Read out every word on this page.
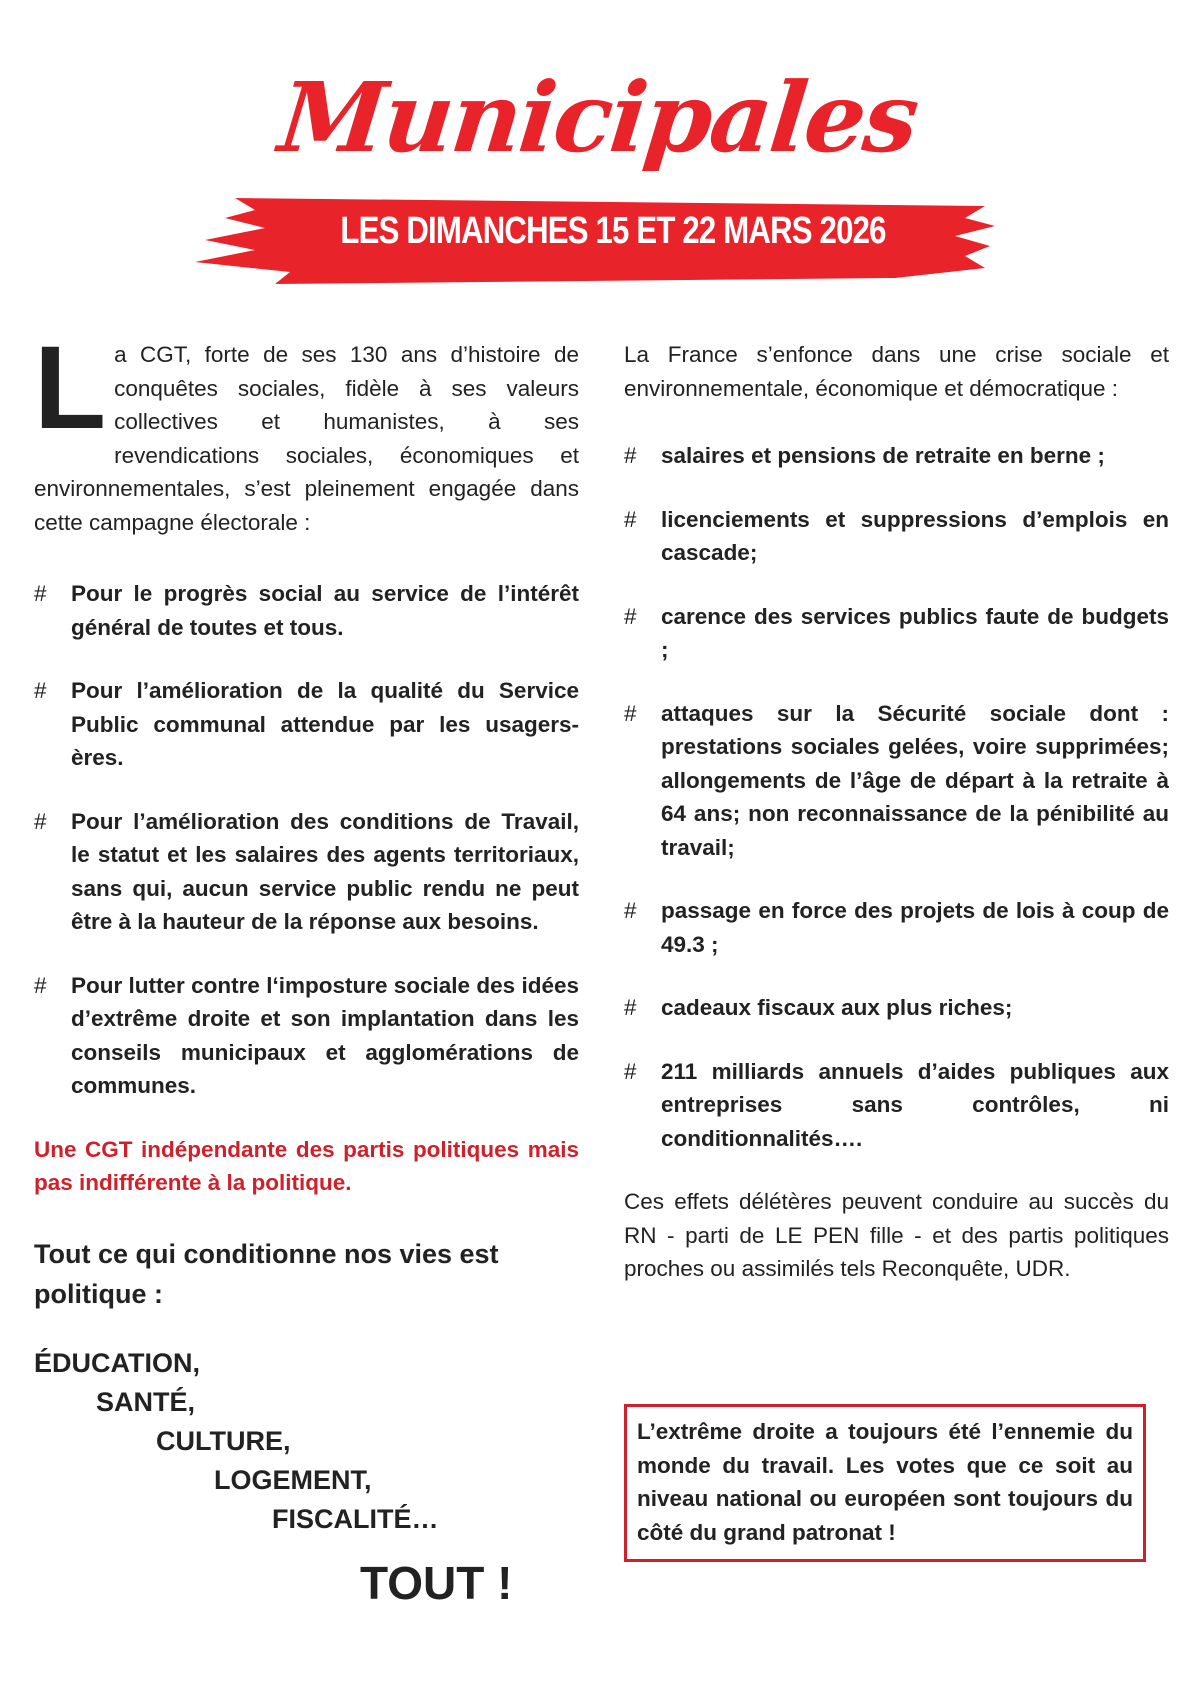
Municipales
LES DIMANCHES 15 ET 22 MARS 2026

La CGT, forte de ses 130 ans d’histoire de conquêtes sociales, fidèle à ses valeurs collectives et humanistes, à ses revendications sociales, économiques et environnementales, s’est pleinement engagée dans cette campagne électorale :

#	Pour le progrès social au service de l’intérêt général de toutes et tous.
#	Pour l’amélioration de la qualité du Service Public communal attendue par les usagers-ères.
#	Pour l’amélioration des conditions de Travail, le statut et les salaires des agents territoriaux, sans qui, aucun service public rendu ne peut être à la hauteur de la réponse aux besoins.
#	Pour lutter contre l‘imposture sociale des idées d’extrême droite et son implantation dans les conseils municipaux et agglomérations de communes.

Une CGT indépendante des partis politiques mais pas indifférente à la politique.

Tout ce qui conditionne nos vies est politique :
ÉDUCATION,
SANTÉ,
CULTURE,
LOGEMENT,
FISCALITÉ…
TOUT !

La France s’enfonce dans une crise sociale et environnementale, économique et démocratique :

#	salaires et pensions de retraite en berne ;
#	licenciements et suppressions d’emplois en cascade;
#	carence des services publics faute de budgets ;
#	attaques sur la Sécurité sociale dont : prestations sociales gelées, voire supprimées; allongements de l’âge de départ à la retraite à 64 ans; non reconnaissance de la pénibilité au travail;
#	passage en force des projets de lois à coup de 49.3 ;
#	cadeaux fiscaux aux plus riches;
#	211 milliards annuels d’aides publiques aux entreprises sans contrôles, ni conditionnalités….

Ces effets délétères peuvent conduire au succès du RN - parti de LE PEN fille - et des partis politiques proches ou assimilés tels Reconquête, UDR.

L’extrême droite a toujours été l’ennemie du monde du travail. Les votes que ce soit au niveau national ou européen sont toujours du côté du grand patronat !
